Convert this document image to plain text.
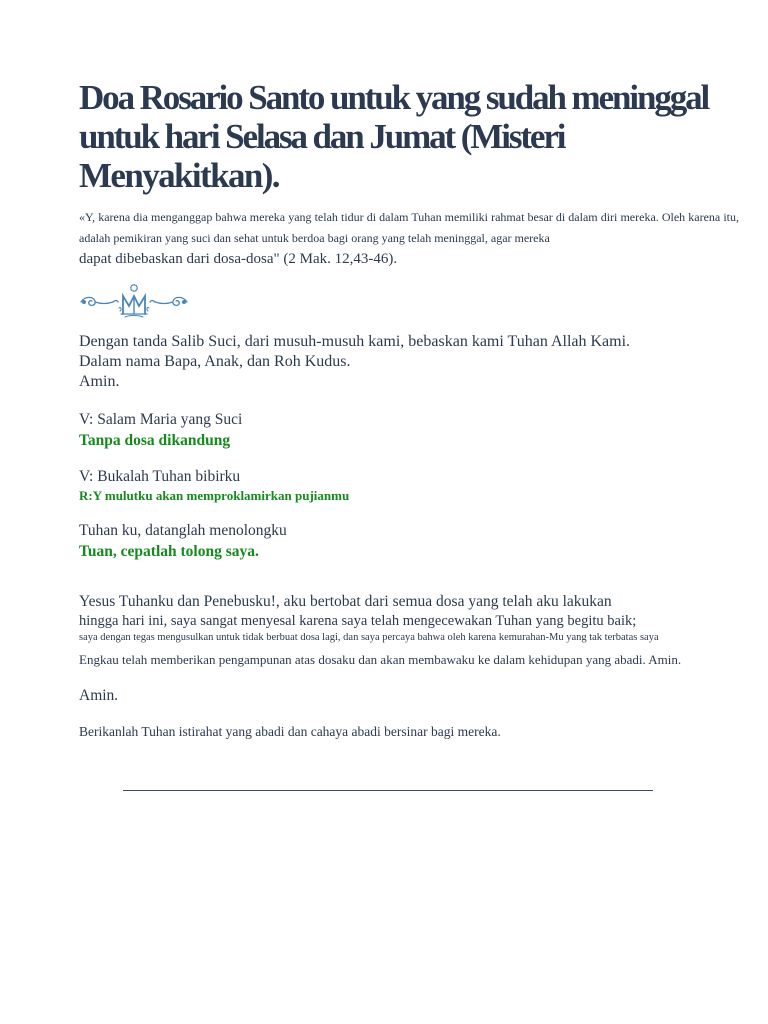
Doa Rosario Santo untuk yang sudah meninggal
untuk hari Selasa dan Jumat (Misteri
Menyakitkan).
«Y, karena dia menganggap bahwa mereka yang telah tidur di dalam Tuhan memiliki rahmat besar di dalam diri mereka. Oleh karena itu, adalah pemikiran yang suci dan sehat untuk berdoa bagi orang yang telah meninggal, agar mereka
dapat dibebaskan dari dosa-dosa" (2 Mak. 12,43-46).
Dengan tanda Salib Suci, dari musuh-musuh kami, bebaskan kami Tuhan Allah Kami.
Dalam nama Bapa, Anak, dan Roh Kudus.
Amin.
V: Salam Maria yang Suci
Tanpa dosa dikandung
V: Bukalah Tuhan bibirku
R:Y mulutku akan memproklamirkan pujianmu
Tuhan ku, datanglah menolongku
Tuan, cepatlah tolong saya.
Yesus Tuhanku dan Penebusku!, aku bertobat dari semua dosa yang telah aku lakukan
hingga hari ini, saya sangat menyesal karena saya telah mengecewakan Tuhan yang begitu baik;
saya dengan tegas mengusulkan untuk tidak berbuat dosa lagi, dan saya percaya bahwa oleh karena kemurahan-Mu yang tak terbatas saya
Engkau telah memberikan pengampunan atas dosaku dan akan membawaku ke dalam kehidupan yang abadi. Amin.
Amin.
Berikanlah Tuhan istirahat yang abadi dan cahaya abadi bersinar bagi mereka.
